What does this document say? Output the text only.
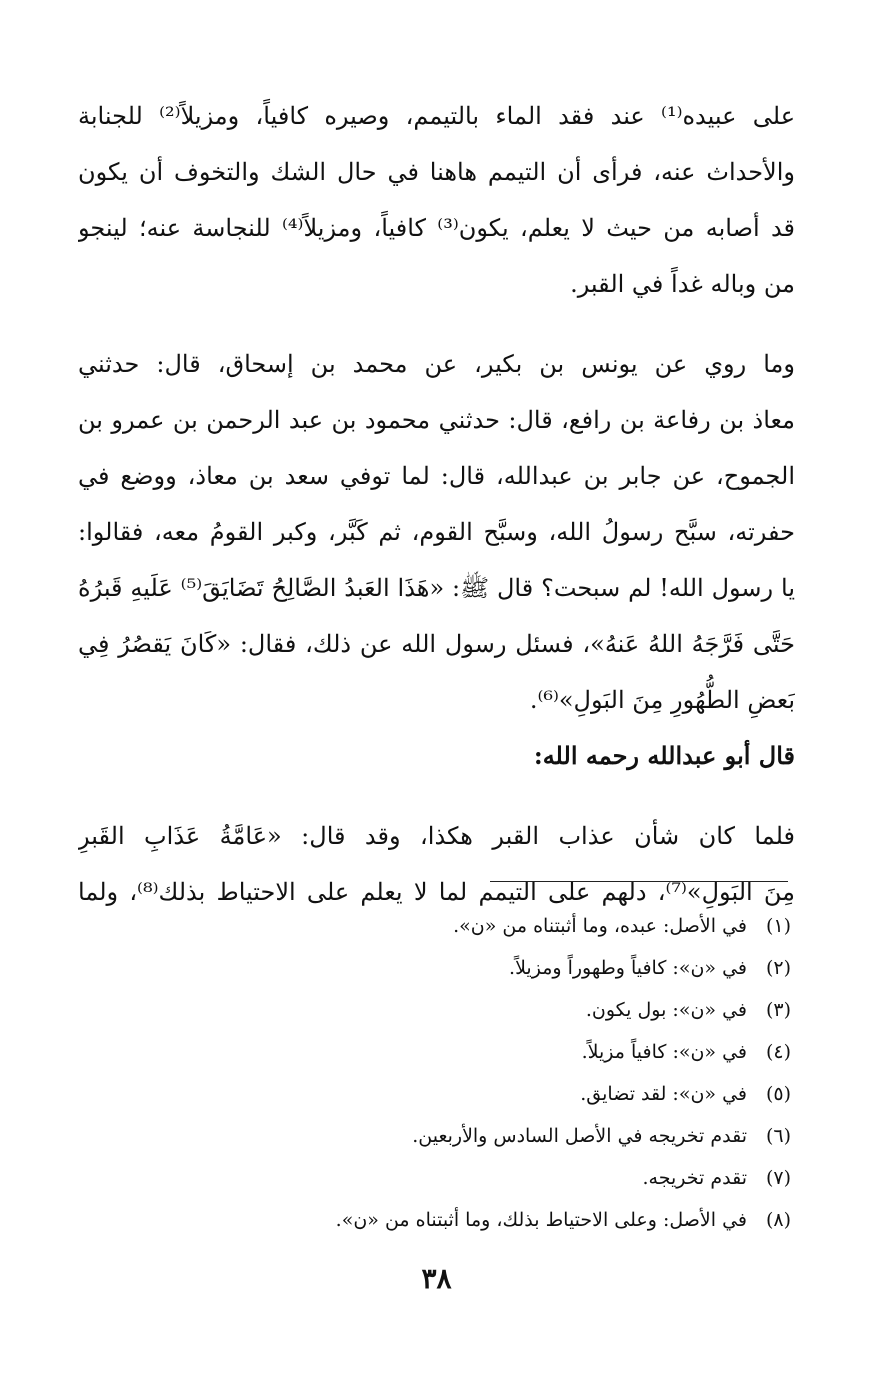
على عبيده⁽¹⁾ عند فقد الماء بالتيمم، وصيره كافياً، ومزيلاً⁽²⁾ للجنابة
والأحداث عنه، فرأى أن التيمم هاهنا في حال الشك والتخوف أن يكون
قد أصابه من حيث لا يعلم، يكون⁽³⁾ كافياً، ومزيلاً⁽⁴⁾ للنجاسة عنه؛ لينجو
من وباله غداً في القبر.
وما روي عن يونس بن بكير، عن محمد بن إسحاق، قال: حدثني
معاذ بن رفاعة بن رافع، قال: حدثني محمود بن عبد الرحمن بن عمرو بن
الجموح، عن جابر بن عبدالله، قال: لما توفي سعد بن معاذ، ووضع في
حفرته، سبَّح رسولُ الله، وسبَّح القوم، ثم كَبَّر، وكبر القومُ معه، فقالوا:
يا رسول الله! لم سبحت؟ قال ﷺ: «هَذَا العَبدُ الصَّالِحُ تَضَايَقَ⁽⁵⁾ عَلَيهِ قَبرُهُ
حَتَّى فَرَّجَهُ اللهُ عَنهُ»، فسئل رسول الله عن ذلك، فقال: «كَانَ يَقصُرُ فِي
بَعضِ الطُّهُورِ مِنَ البَولِ»⁽⁶⁾.
قال أبو عبدالله رحمه الله:
فلما كان شأن عذاب القبر هكذا، وقد قال: «عَامَّةُ عَذَابِ القَبرِ
مِنَ البَولِ»⁽⁷⁾، دلهم على التيمم لما لا يعلم على الاحتياط بذلك⁽⁸⁾، ولما
(١)في الأصل: عبده، وما أثبتناه من «ن».
(٢)في «ن»: كافياً وطهوراً ومزيلاً.
(٣)في «ن»: بول يكون.
(٤)في «ن»: كافياً مزيلاً.
(٥)في «ن»: لقد تضايق.
(٦)تقدم تخريجه في الأصل السادس والأربعين.
(٧)تقدم تخريجه.
(٨)في الأصل: وعلى الاحتياط بذلك، وما أثبتناه من «ن».
٣٨
